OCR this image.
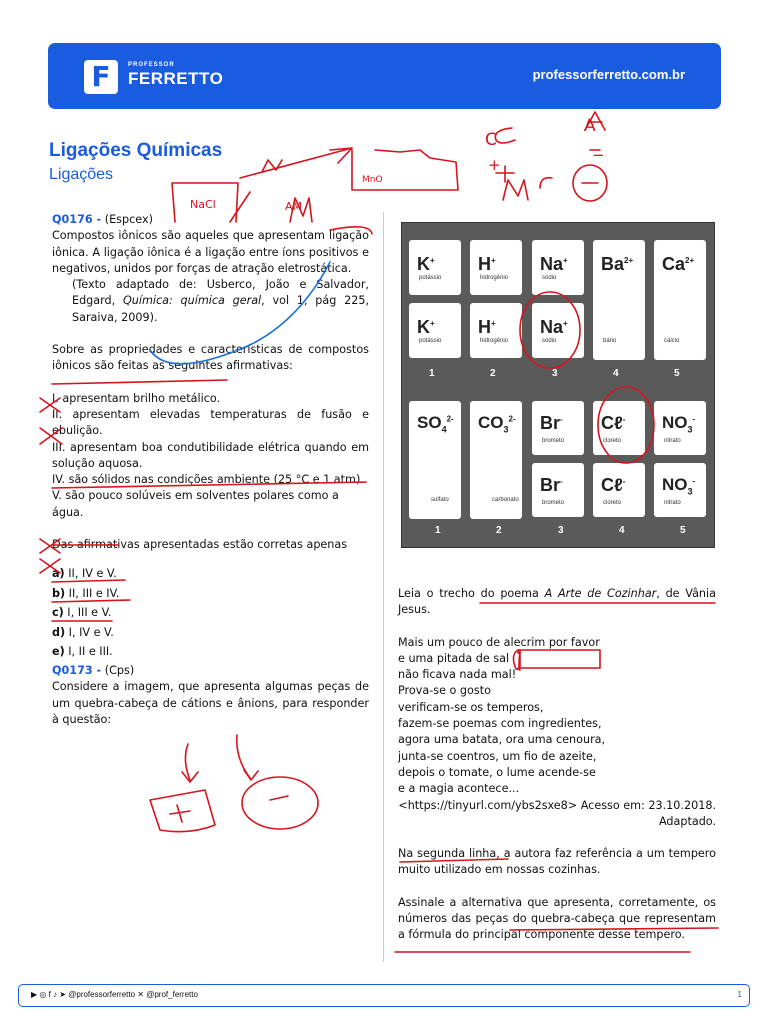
F	PROFESSOR
FERRETTO	professorferretto.com.br
Ligações Químicas
Ligações
Q0176 - (Espcex)
Compostos iônicos são aqueles que apresentam ligação iônica. A ligação iônica é a ligação entre íons positivos e negativos, unidos por forças de atração eletrostática.
(Texto adaptado de: Usberco, João e Salvador, Edgard, Química: química geral, vol 1, pág 225, Saraiva, 2009).
Sobre as propriedades e características de compostos iônicos são feitas as seguintes afirmativas:
I. apresentam brilho metálico.
II. apresentam elevadas temperaturas de fusão e ebulição.
III. apresentam boa condutibilidade elétrica quando em solução aquosa.
IV. são sólidos nas condições ambiente (25 °C e 1 atm).
V. são pouco solúveis em solventes polares como a água.
Das afirmativas apresentadas estão corretas apenas
a) II, IV e V.
b) II, III e IV.
c) I, III e V.
d) I, IV e V.
e) I, II e III.
Q0173 - (Cps)
Considere a imagem, que apresenta algumas peças de um quebra-cabeça de cátions e ânions, para responder à questão:
K+
potássio
H+
hidrogênio
Na+
sódio
$Ba^{2+}$
bário
$Ca^{2+}$
cálcio
K+
potássio
H+
hidrogênio
Na+
sódio
$SO_4^{2-}$
sulfato
$CO_3^{2-}$
carbonato
Br-
brometo
Cℓ-
cloreto
$NO_3^-$
nitrato
Br-
brometo
Cℓ-
cloreto
$NO_3^-$
nitrato
1	2	3	4	5
1	2	3	4	5
Leia o trecho do poema A Arte de Cozinhar, de Vânia Jesus.
Mais um pouco de alecrim por favor
e uma pitada de sal
não ficava nada mal!
Prova-se o gosto
verificam-se os temperos,
fazem-se poemas com ingredientes,
agora uma batata, ora uma cenoura,
junta-se coentros, um fio de azeite,
depois o tomate, o lume acende-se
e a magia acontece...
<https://tinyurl.com/ybs2sxe8> Acesso em: 23.10.2018.
Adaptado.
Na segunda linha, a autora faz referência a um tempero muito utilizado em nossas cozinhas.
Assinale a alternativa que apresenta, corretamente, os números das peças do quebra-cabeça que representam a fórmula do principal componente desse tempero.
NaCl	AM
MnO
C
A
+
−
▶ ◎ f ♪ ➤ @professorferretto ✕ @prof_ferretto	1
